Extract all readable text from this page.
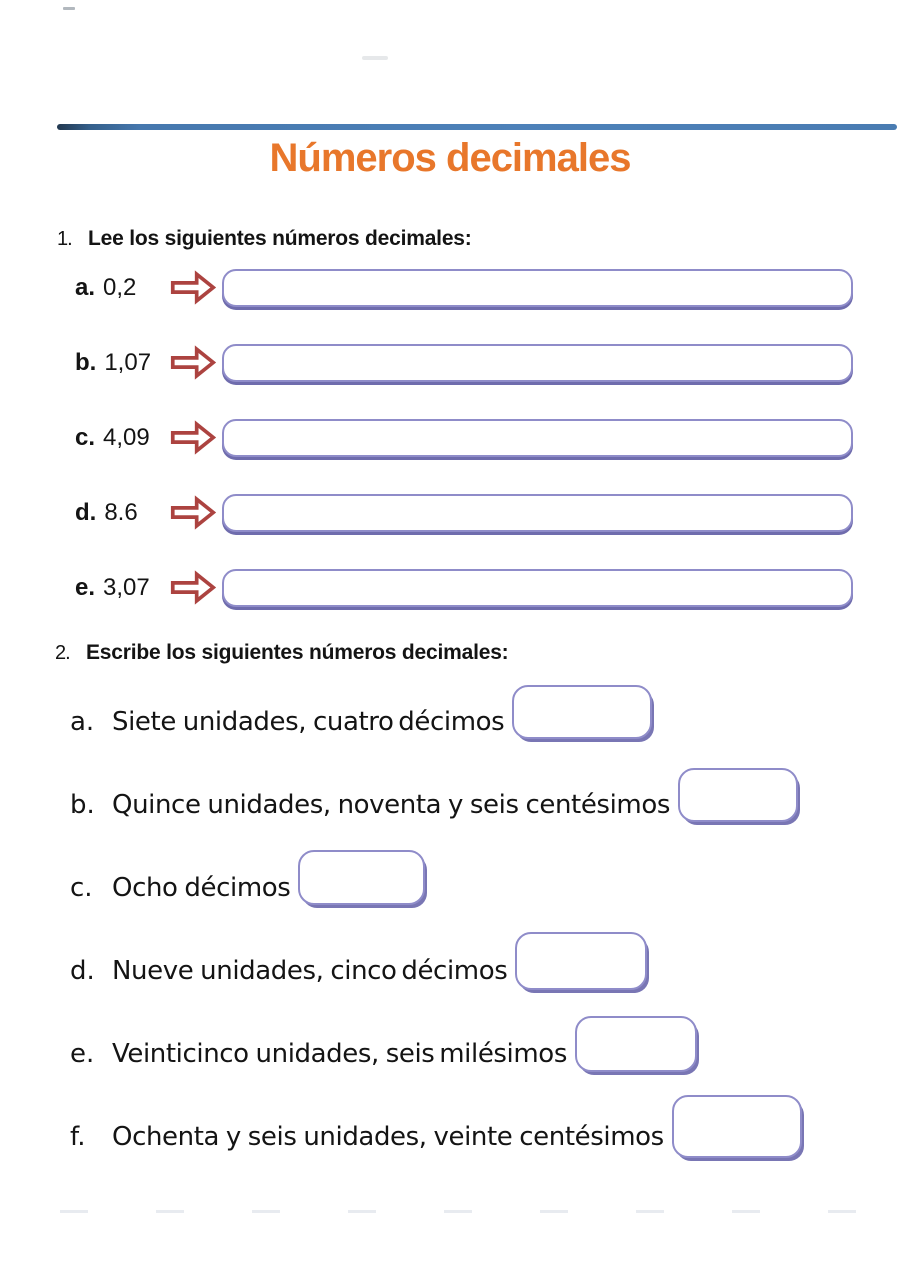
Números decimales
1. Lee los siguientes números decimales:
a. 0,2
b. 1,07
c. 4,09
d. 8.6
e. 3,07
2. Escribe los siguientes números decimales:
a. Siete unidades, cuatro décimos
b. Quince unidades, noventa y seis centésimos
c. Ocho décimos
d. Nueve unidades, cinco décimos
e. Veinticinco unidades, seis milésimos
f.	Ochenta y seis unidades, veinte centésimos
